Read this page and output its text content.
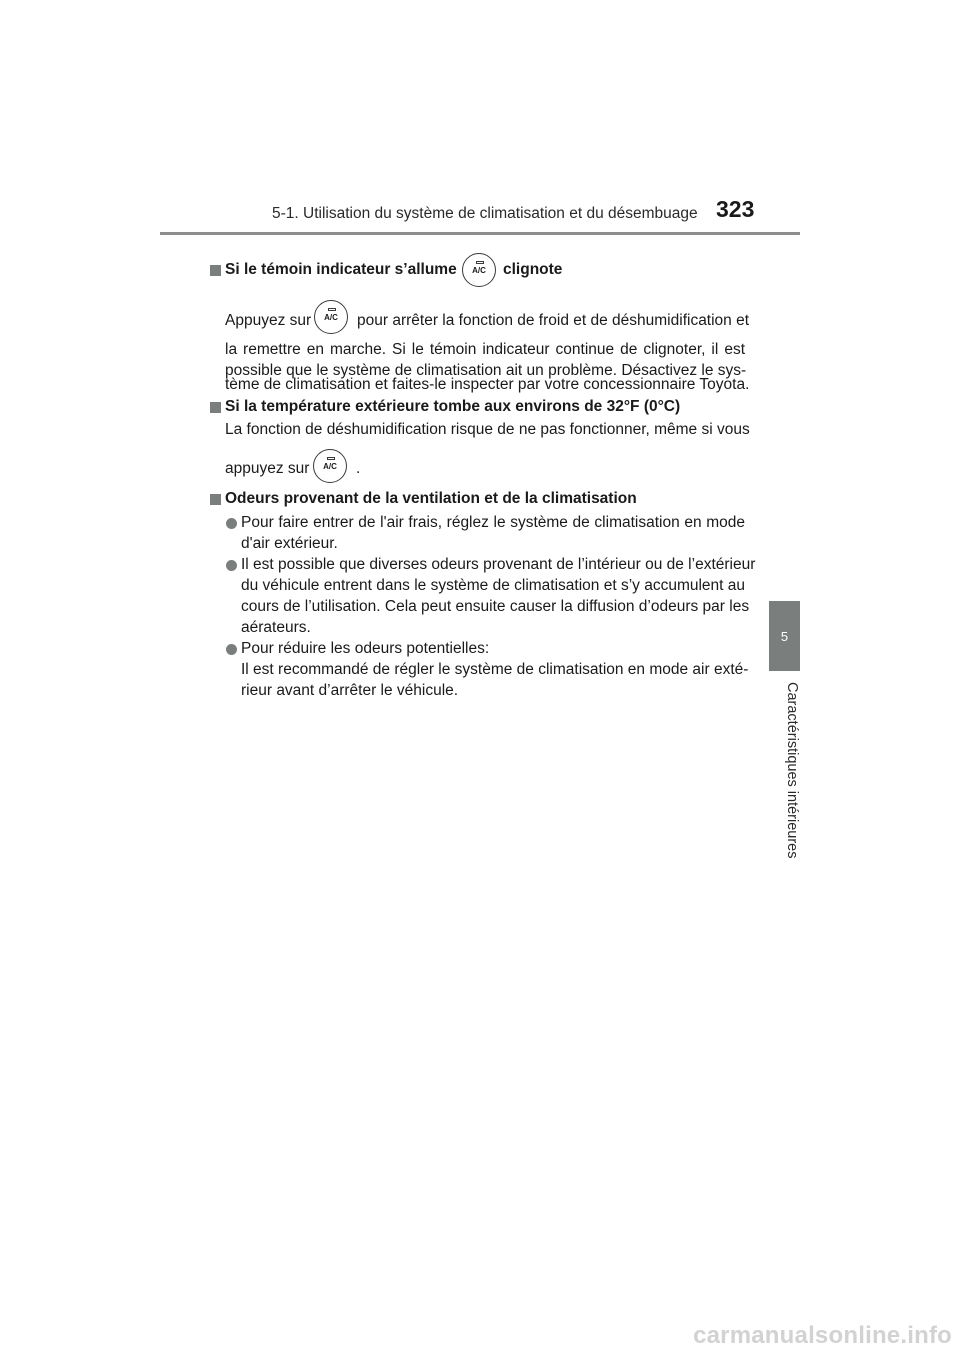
5-1. Utilisation du système de climatisation et du désembuage 323
5
Caractéristiques intérieures
Si le témoin indicateur s’allume	A/C	clignote
Appuyez sur	A/C	pour arrêter la fonction de froid et de déshumidification et
la remettre en marche. Si le témoin indicateur continue de clignoter, il est
possible que le système de climatisation ait un problème. Désactivez le sys-
tème de climatisation et faites-le inspecter par votre concessionnaire Toyota.
Si la température extérieure tombe aux environs de 32°F (0°C)
La fonction de déshumidification risque de ne pas fonctionner, même si vous
appuyez sur	A/C	.
Odeurs provenant de la ventilation et de la climatisation
Pour faire entrer de l'air frais, réglez le système de climatisation en mode
d'air extérieur.
Il est possible que diverses odeurs provenant de l’intérieur ou de l’extérieur
du véhicule entrent dans le système de climatisation et s’y accumulent au
cours de l’utilisation. Cela peut ensuite causer la diffusion d’odeurs par les
aérateurs.
Pour réduire les odeurs potentielles:
Il est recommandé de régler le système de climatisation en mode air exté-
rieur avant d’arrêter le véhicule.
carmanualsonline.info
